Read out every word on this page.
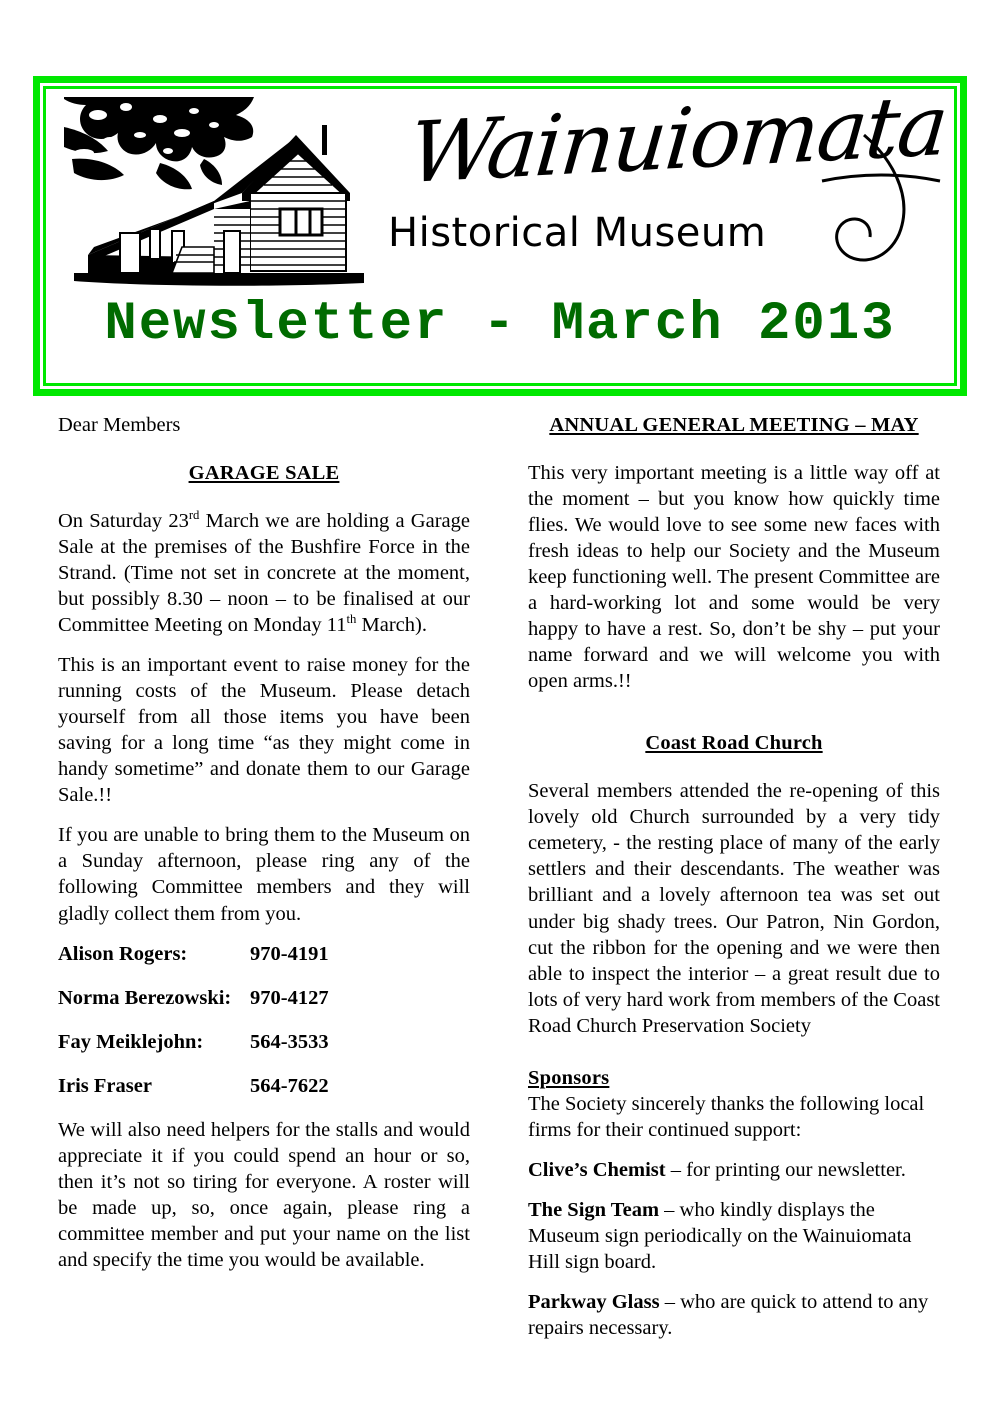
Wainuiomata
Historical Museum
Newsletter - March 2013

Dear Members

GARAGE SALE

On Saturday 23rd March we are holding a Garage Sale at the premises of the Bushfire Force in the Strand. (Time not set in concrete at the moment, but possibly 8.30 – noon – to be finalised at our Committee Meeting on Monday 11th March).

This is an important event to raise money for the running costs of the Museum. Please detach yourself from all those items you have been saving for a long time “as they might come in handy sometime” and donate them to our Garage Sale.!!

If you are unable to bring them to the Museum on a Sunday afternoon, please ring any of the following Committee members and they will gladly collect them from you.

Alison Rogers:	970-4191
Norma Berezowski: 970-4127
Fay Meiklejohn:	564-3533
Iris Fraser	564-7622

We will also need helpers for the stalls and would appreciate it if you could spend an hour or so, then it’s not so tiring for everyone. A roster will be made up, so, once again, please ring a committee member and put your name on the list and specify the time you would be available.

ANNUAL GENERAL MEETING – MAY

This very important meeting is a little way off at the moment – but you know how quickly time flies. We would love to see some new faces with fresh ideas to help our Society and the Museum keep functioning well. The present Committee are a hard-working lot and some would be very happy to have a rest. So, don’t be shy – put your name forward and we will welcome you with open arms.!!

Coast Road Church

Several members attended the re-opening of this lovely old Church surrounded by a very tidy cemetery, - the resting place of many of the early settlers and their descendants. The weather was brilliant and a lovely afternoon tea was set out under big shady trees. Our Patron, Nin Gordon, cut the ribbon for the opening and we were then able to inspect the interior – a great result due to lots of very hard work from members of the Coast Road Church Preservation Society

Sponsors

The Society sincerely thanks the following local firms for their continued support:

Clive’s Chemist – for printing our newsletter.

The Sign Team – who kindly displays the Museum sign periodically on the Wainuiomata Hill sign board.

Parkway Glass – who are quick to attend to any repairs necessary.
